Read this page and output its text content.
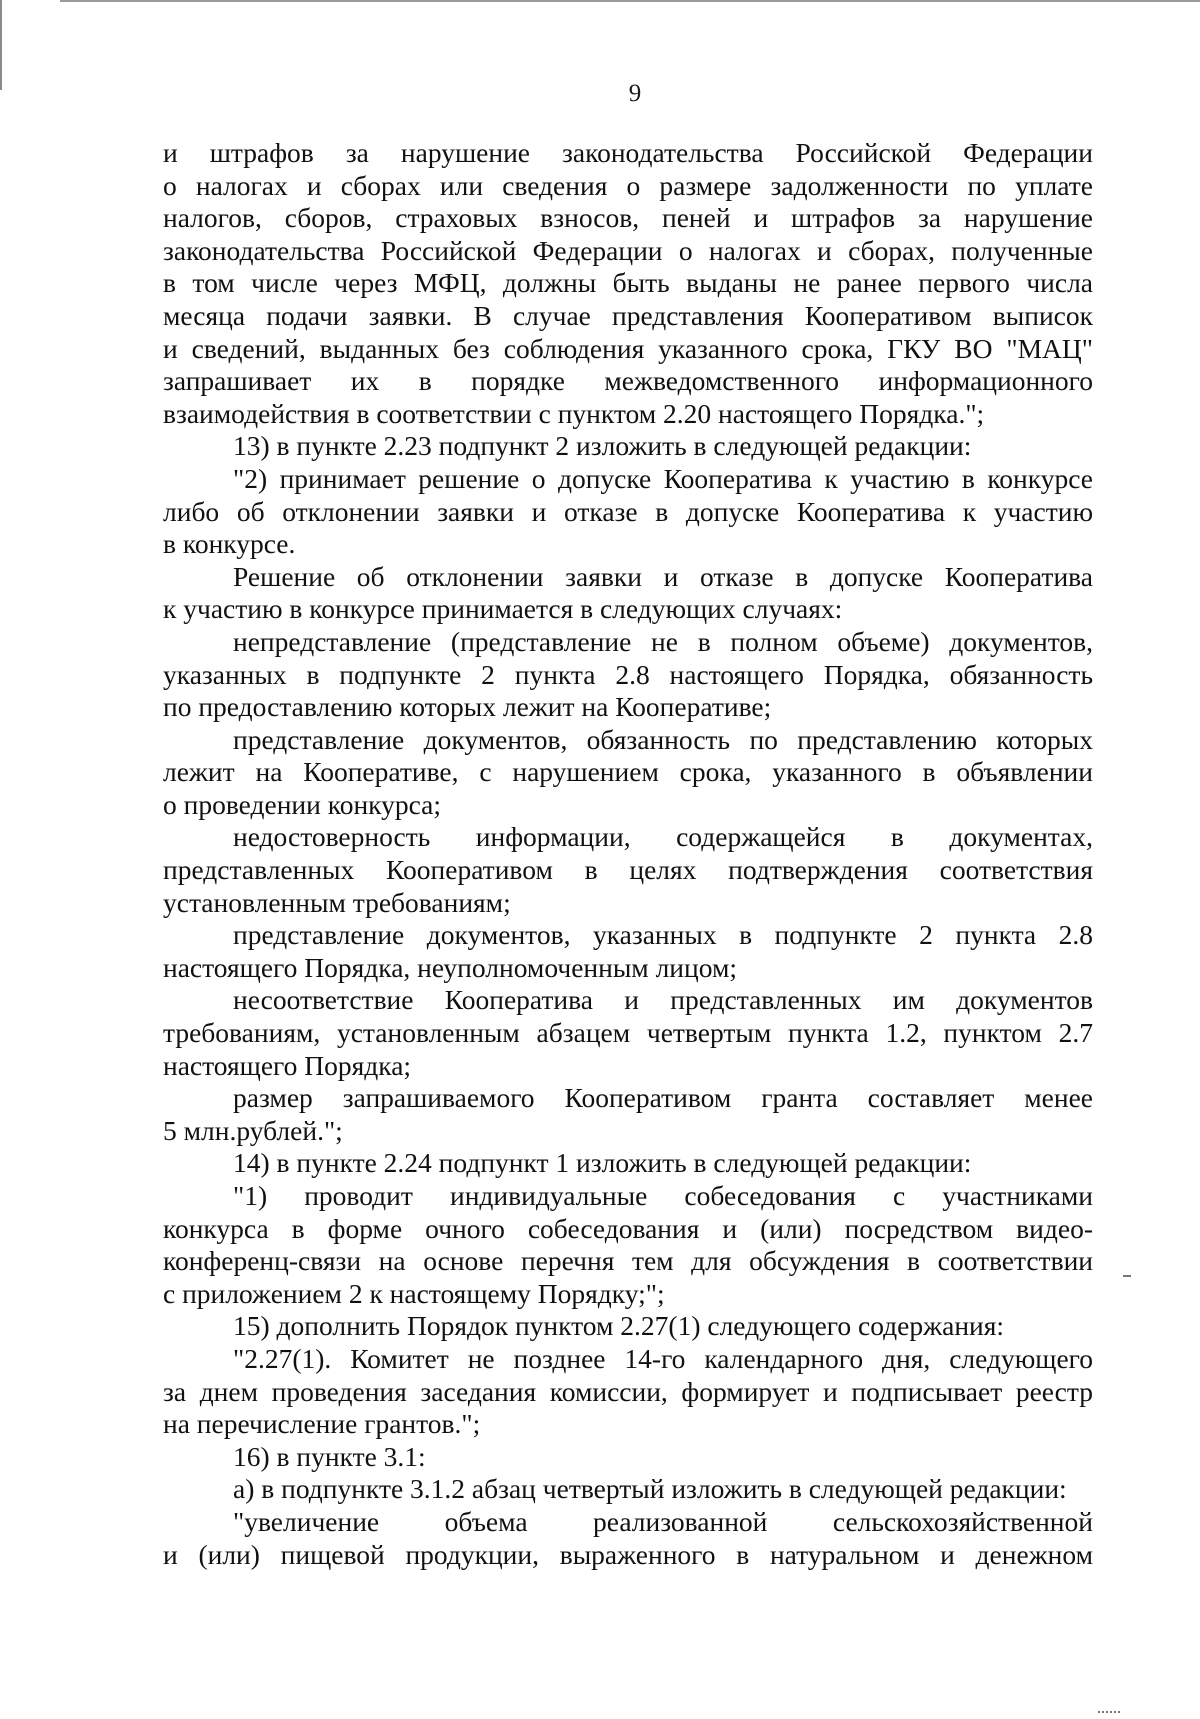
9

и штрафов за нарушение законодательства Российской Федерации

о налогах и сборах или сведения о размере задолженности по уплате

налогов, сборов, страховых взносов, пеней и штрафов за нарушение

законодательства Российской Федерации о налогах и сборах, полученные

в том числе через МФЦ, должны быть выданы не ранее первого числа

месяца подачи заявки. В случае представления Кооперативом выписок

и сведений, выданных без соблюдения указанного срока, ГКУ ВО "МАЦ"

запрашивает их в порядке межведомственного информационного

взаимодействия в соответствии с пунктом 2.20 настоящего Порядка.";

13) в пункте 2.23 подпункт 2 изложить в следующей редакции:

"2) принимает решение о допуске Кооператива к участию в конкурсе

либо об отклонении заявки и отказе в допуске Кооператива к участию

в конкурсе.

Решение об отклонении заявки и отказе в допуске Кооператива

к участию в конкурсе принимается в следующих случаях:

непредставление (представление не в полном объеме) документов,

указанных в подпункте 2 пункта 2.8 настоящего Порядка, обязанность

по предоставлению которых лежит на Кооперативе;

представление документов, обязанность по представлению которых

лежит на Кооперативе, с нарушением срока, указанного в объявлении

о проведении конкурса;

недостоверность информации, содержащейся в документах,

представленных Кооперативом в целях подтверждения соответствия

установленным требованиям;

представление документов, указанных в подпункте 2 пункта 2.8

настоящего Порядка, неуполномоченным лицом;

несоответствие Кооператива и представленных им документов

требованиям, установленным абзацем четвертым пункта 1.2, пунктом 2.7

настоящего Порядка;

размер запрашиваемого Кооперативом гранта составляет менее

5 млн.рублей.";

14) в пункте 2.24 подпункт 1 изложить в следующей редакции:

"1) проводит индивидуальные собеседования с участниками

конкурса в форме очного собеседования и (или) посредством видео-

конференц-связи на основе перечня тем для обсуждения в соответствии

с приложением 2 к настоящему Порядку;";

15) дополнить Порядок пунктом 2.27(1) следующего содержания:

"2.27(1). Комитет не позднее 14-го календарного дня, следующего

за днем проведения заседания комиссии, формирует и подписывает реестр

на перечисление грантов.";

16) в пункте 3.1:

а) в подпункте 3.1.2 абзац четвертый изложить в следующей редакции:

"увеличение объема реализованной сельскохозяйственной

и (или) пищевой продукции, выраженного в натуральном и денежном
